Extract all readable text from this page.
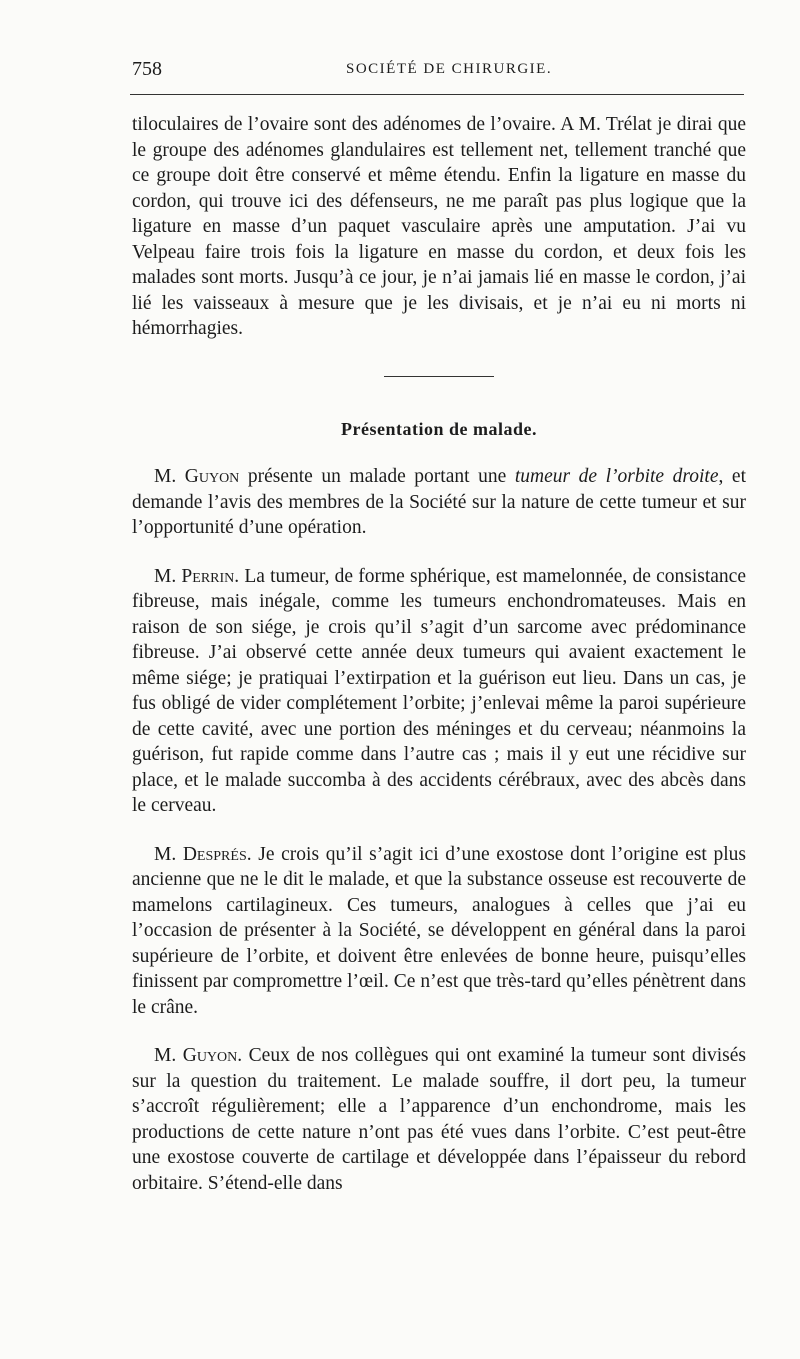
758	SOCIÉTÉ DE CHIRURGIE.

tiloculaires de l’ovaire sont des adénomes de l’ovaire. A M. Trélat je dirai que le groupe des adénomes glandulaires est tellement net, tellement tranché que ce groupe doit être conservé et même étendu. Enfin la ligature en masse du cordon, qui trouve ici des défenseurs, ne me paraît pas plus logique que la ligature en masse d’un paquet vasculaire après une amputation. J’ai vu Velpeau faire trois fois la ligature en masse du cordon, et deux fois les malades sont morts. Jusqu’à ce jour, je n’ai jamais lié en masse le cordon, j’ai lié les vaisseaux à mesure que je les divisais, et je n’ai eu ni morts ni hémorrhagies.

Présentation de malade.

M. Guyon présente un malade portant une tumeur de l’orbite droite, et demande l’avis des membres de la Société sur la nature de cette tumeur et sur l’opportunité d’une opération.

M. Perrin. La tumeur, de forme sphérique, est mamelonnée, de consistance fibreuse, mais inégale, comme les tumeurs enchondromateuses. Mais en raison de son siége, je crois qu’il s’agit d’un sarcome avec prédominance fibreuse. J’ai observé cette année deux tumeurs qui avaient exactement le même siége; je pratiquai l’extirpation et la guérison eut lieu. Dans un cas, je fus obligé de vider complétement l’orbite; j’enlevai même la paroi supérieure de cette cavité, avec une portion des méninges et du cerveau; néanmoins la guérison, fut rapide comme dans l’autre cas ; mais il y eut une récidive sur place, et le malade succomba à des accidents cérébraux, avec des abcès dans le cerveau.

M. Després. Je crois qu’il s’agit ici d’une exostose dont l’origine est plus ancienne que ne le dit le malade, et que la substance osseuse est recouverte de mamelons cartilagineux. Ces tumeurs, analogues à celles que j’ai eu l’occasion de présenter à la Société, se développent en général dans la paroi supérieure de l’orbite, et doivent être enlevées de bonne heure, puisqu’elles finissent par compromettre l’œil. Ce n’est que très-tard qu’elles pénètrent dans le crâne.

M. Guyon. Ceux de nos collègues qui ont examiné la tumeur sont divisés sur la question du traitement. Le malade souffre, il dort peu, la tumeur s’accroît régulièrement; elle a l’apparence d’un enchondrome, mais les productions de cette nature n’ont pas été vues dans l’orbite. C’est peut-être une exostose couverte de cartilage et développée dans l’épaisseur du rebord orbitaire. S’étend-elle dans
